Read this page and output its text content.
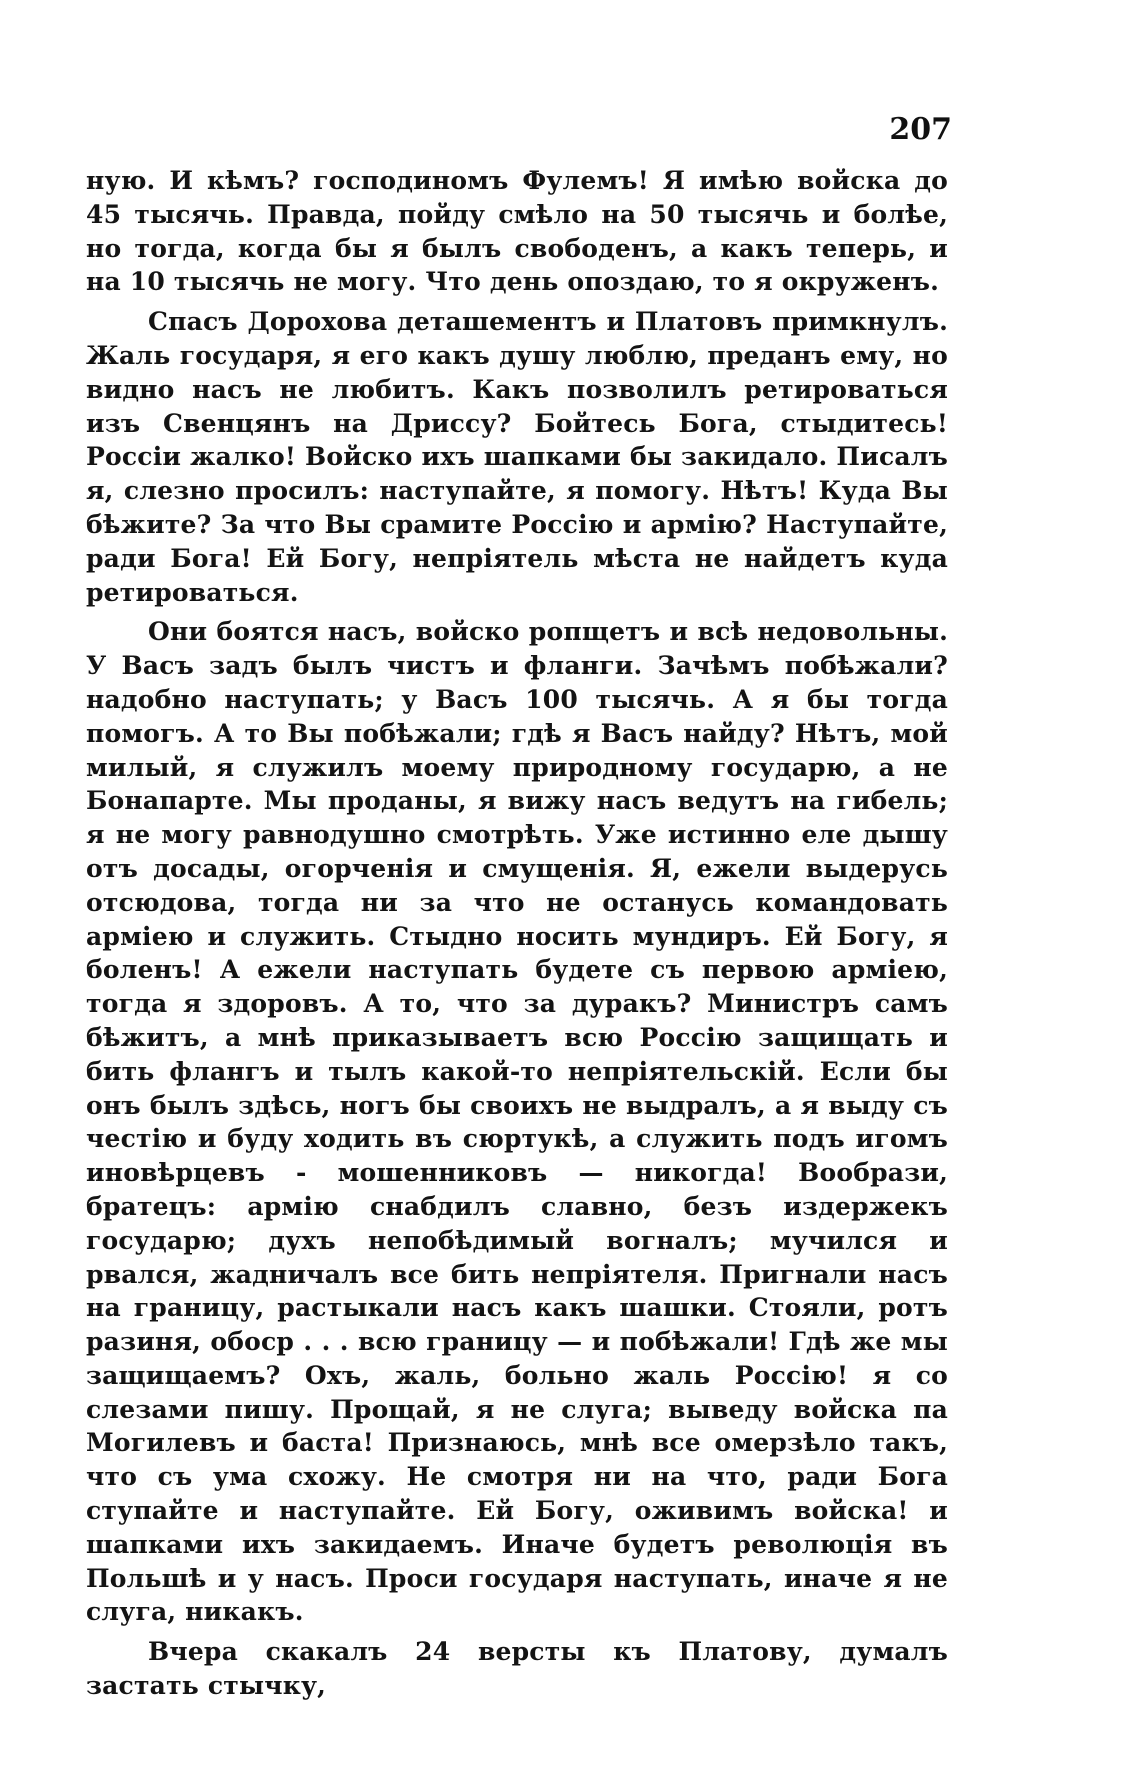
207

ную. И кѣмъ? господиномъ Фулемъ! Я имѣю войска до 45 тысячь. Правда, пойду смѣло на 50 тысячь и болѣе, но тогда, когда бы я былъ свободенъ, а какъ теперь, и на 10 тысячь не могу. Что день опоздаю, то я окруженъ.

Спасъ Дорохова деташементъ и Платовъ примкнулъ. Жаль государя, я его какъ душу люблю, преданъ ему, но видно насъ не любитъ. Какъ позволилъ ретироваться изъ Свенцянъ на Дриссу? Бойтесь Бога, стыдитесь! Россіи жалко! Войско ихъ шапками бы закидало. Писалъ я, слезно просилъ: наступайте, я помогу. Нѣтъ! Куда Вы бѣжите? За что Вы срамите Россію и армію? Наступайте, ради Бога! Ей Богу, непріятель мѣста не найдетъ куда ретироваться.

Они боятся насъ, войско ропщетъ и всѣ недовольны. У Васъ задъ былъ чистъ и фланги. Зачѣмъ побѣжали? надобно наступать; у Васъ 100 тысячь. А я бы тогда помогъ. А то Вы побѣжали; гдѣ я Васъ найду? Нѣтъ, мой милый, я служилъ моему природному государю, а не Бонапарте. Мы проданы, я вижу насъ ведутъ на гибель; я не могу равнодушно смотрѣть. Уже истинно еле дышу отъ досады, огорченія и смущенія. Я, ежели выдерусь отсюдова, тогда ни за что не останусь командовать арміею и служить. Стыдно носить мундиръ. Ей Богу, я боленъ! А ежели наступать будете съ первою арміею, тогда я здоровъ. А то, что за дуракъ? Министръ самъ бѣжитъ, а мнѣ приказываетъ всю Россію защищать и бить флангъ и тылъ какой-то непріятельскій. Если бы онъ былъ здѣсь, ногъ бы своихъ не выдралъ, а я выду съ честію и буду ходить въ сюртукѣ, а служить подъ игомъ иновѣрцевъ - мошенниковъ — никогда! Вообрази, братецъ: армію снабдилъ славно, безъ издержекъ государю; духъ непобѣдимый вогналъ; мучился и рвался, жадничалъ все бить непріятеля. Пригнали насъ на границу, растыкали насъ какъ шашки. Стояли, ротъ разиня, обоср . . . всю границу — и побѣжали! Гдѣ же мы защищаемъ? Охъ, жаль, больно жаль Россію! я со слезами пишу. Прощай, я не слуга; выведу войска па Могилевъ и баста! Признаюсь, мнѣ все омерзѣло такъ, что съ ума схожу. Не смотря ни на что, ради Бога ступайте и наступайте. Ей Богу, оживимъ войска! и шапками ихъ закидаемъ. Иначе будетъ революція въ Польшѣ и у насъ. Проси государя наступать, иначе я не слуга, никакъ.

Вчера скакалъ 24 версты къ Платову, думалъ застать стычку,
